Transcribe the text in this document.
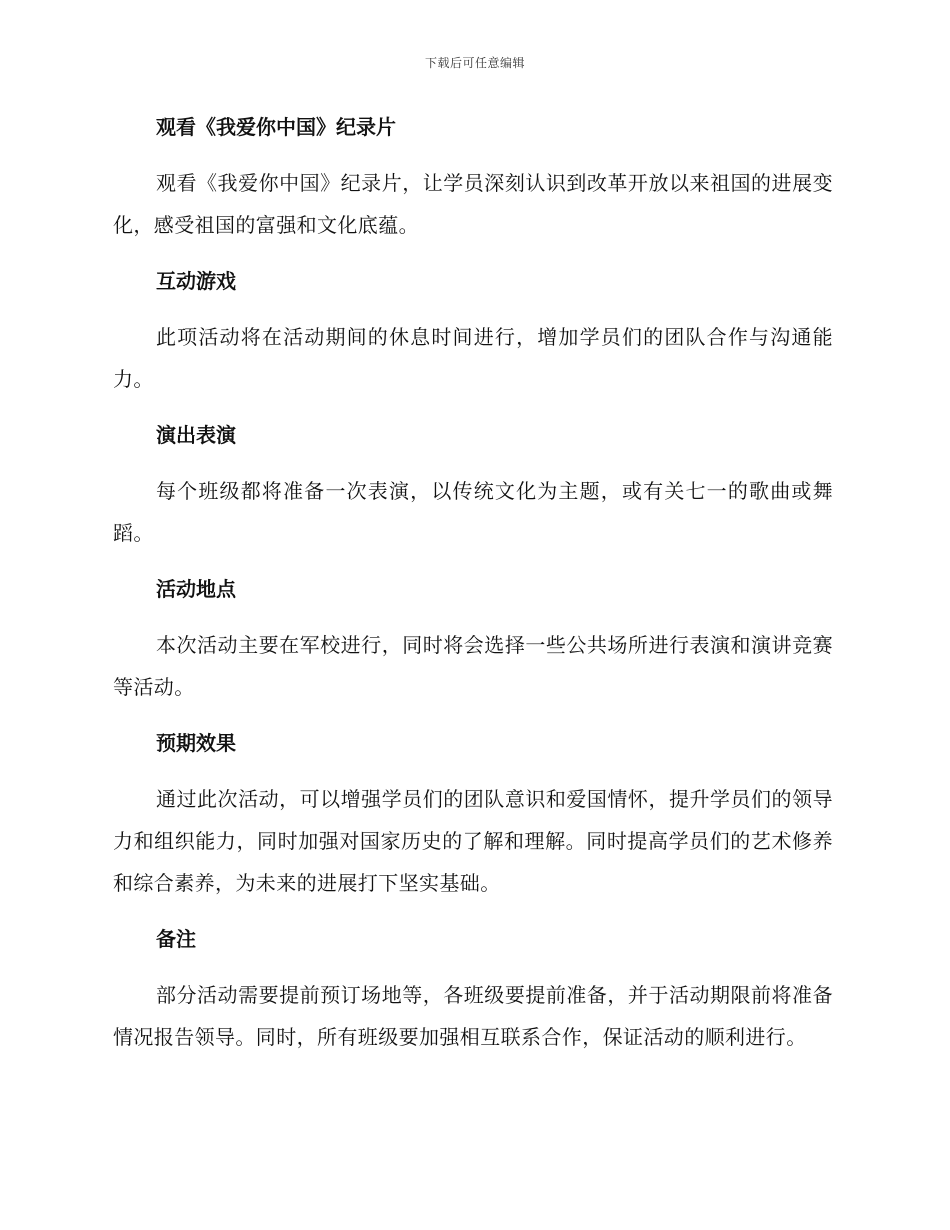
下载后可任意编辑
观看《我爱你中国》纪录片

观看《我爱你中国》纪录片，让学员深刻认识到改革开放以来祖国的进展变化，感受祖国的富强和文化底蕴。

互动游戏

此项活动将在活动期间的休息时间进行，增加学员们的团队合作与沟通能力。

演出表演

每个班级都将准备一次表演，以传统文化为主题，或有关七一的歌曲或舞蹈。

活动地点

本次活动主要在军校进行，同时将会选择一些公共场所进行表演和演讲竞赛等活动。

预期效果

通过此次活动，可以增强学员们的团队意识和爱国情怀，提升学员们的领导力和组织能力，同时加强对国家历史的了解和理解。同时提高学员们的艺术修养和综合素养，为未来的进展打下坚实基础。

备注

部分活动需要提前预订场地等，各班级要提前准备，并于活动期限前将准备情况报告领导。同时，所有班级要加强相互联系合作，保证活动的顺利进行。
